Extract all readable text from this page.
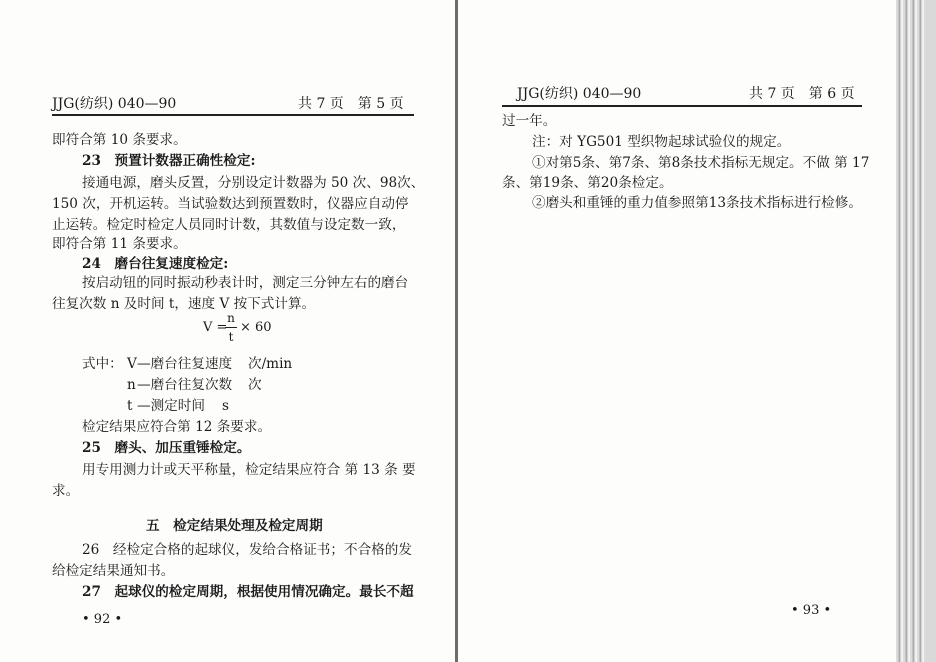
JJG(纺织) 040—90	共 7 页　第 5 页
即符合第 10 条要求。
23　预置计数器正确性检定:
接通电源，磨头反置，分别设定计数器为 50 次、98次、
150 次，开机运转。当试验数达到预置数时，仪器应自动停
止运转。检定时检定人员同时计数，其数值与设定数一致，
即符合第 11 条要求。
24　磨台往复速度检定:
按启动钮的同时振动秒表计时，测定三分钟左右的磨台
往复次数 n 及时间 t，速度 V 按下式计算。
V =
n
t
× 60
式中： V —磨台往复速度 次/min
n —磨台往复次数 次
t —测定时间 s
检定结果应符合第 12 条要求。
25　磨头、加压重锤检定。
用专用测力计或天平称量，检定结果应符合 第 13 条 要
求。
五　检定结果处理及检定周期
26　经检定合格的起球仪，发给合格证书；不合格的发
给检定结果通知书。
27　起球仪的检定周期，根据使用情况确定。最长不超
• 92 •
JJG(纺织) 040—90	共 7 页　第 6 页
过一年。
注：对 YG501 型织物起球试验仪的规定。
①对第5条、第7条、第8条技术指标无规定。不做 第 17
条、第19条、第20条检定。
②磨头和重锤的重力值参照第13条技术指标进行检修。
• 93 •
